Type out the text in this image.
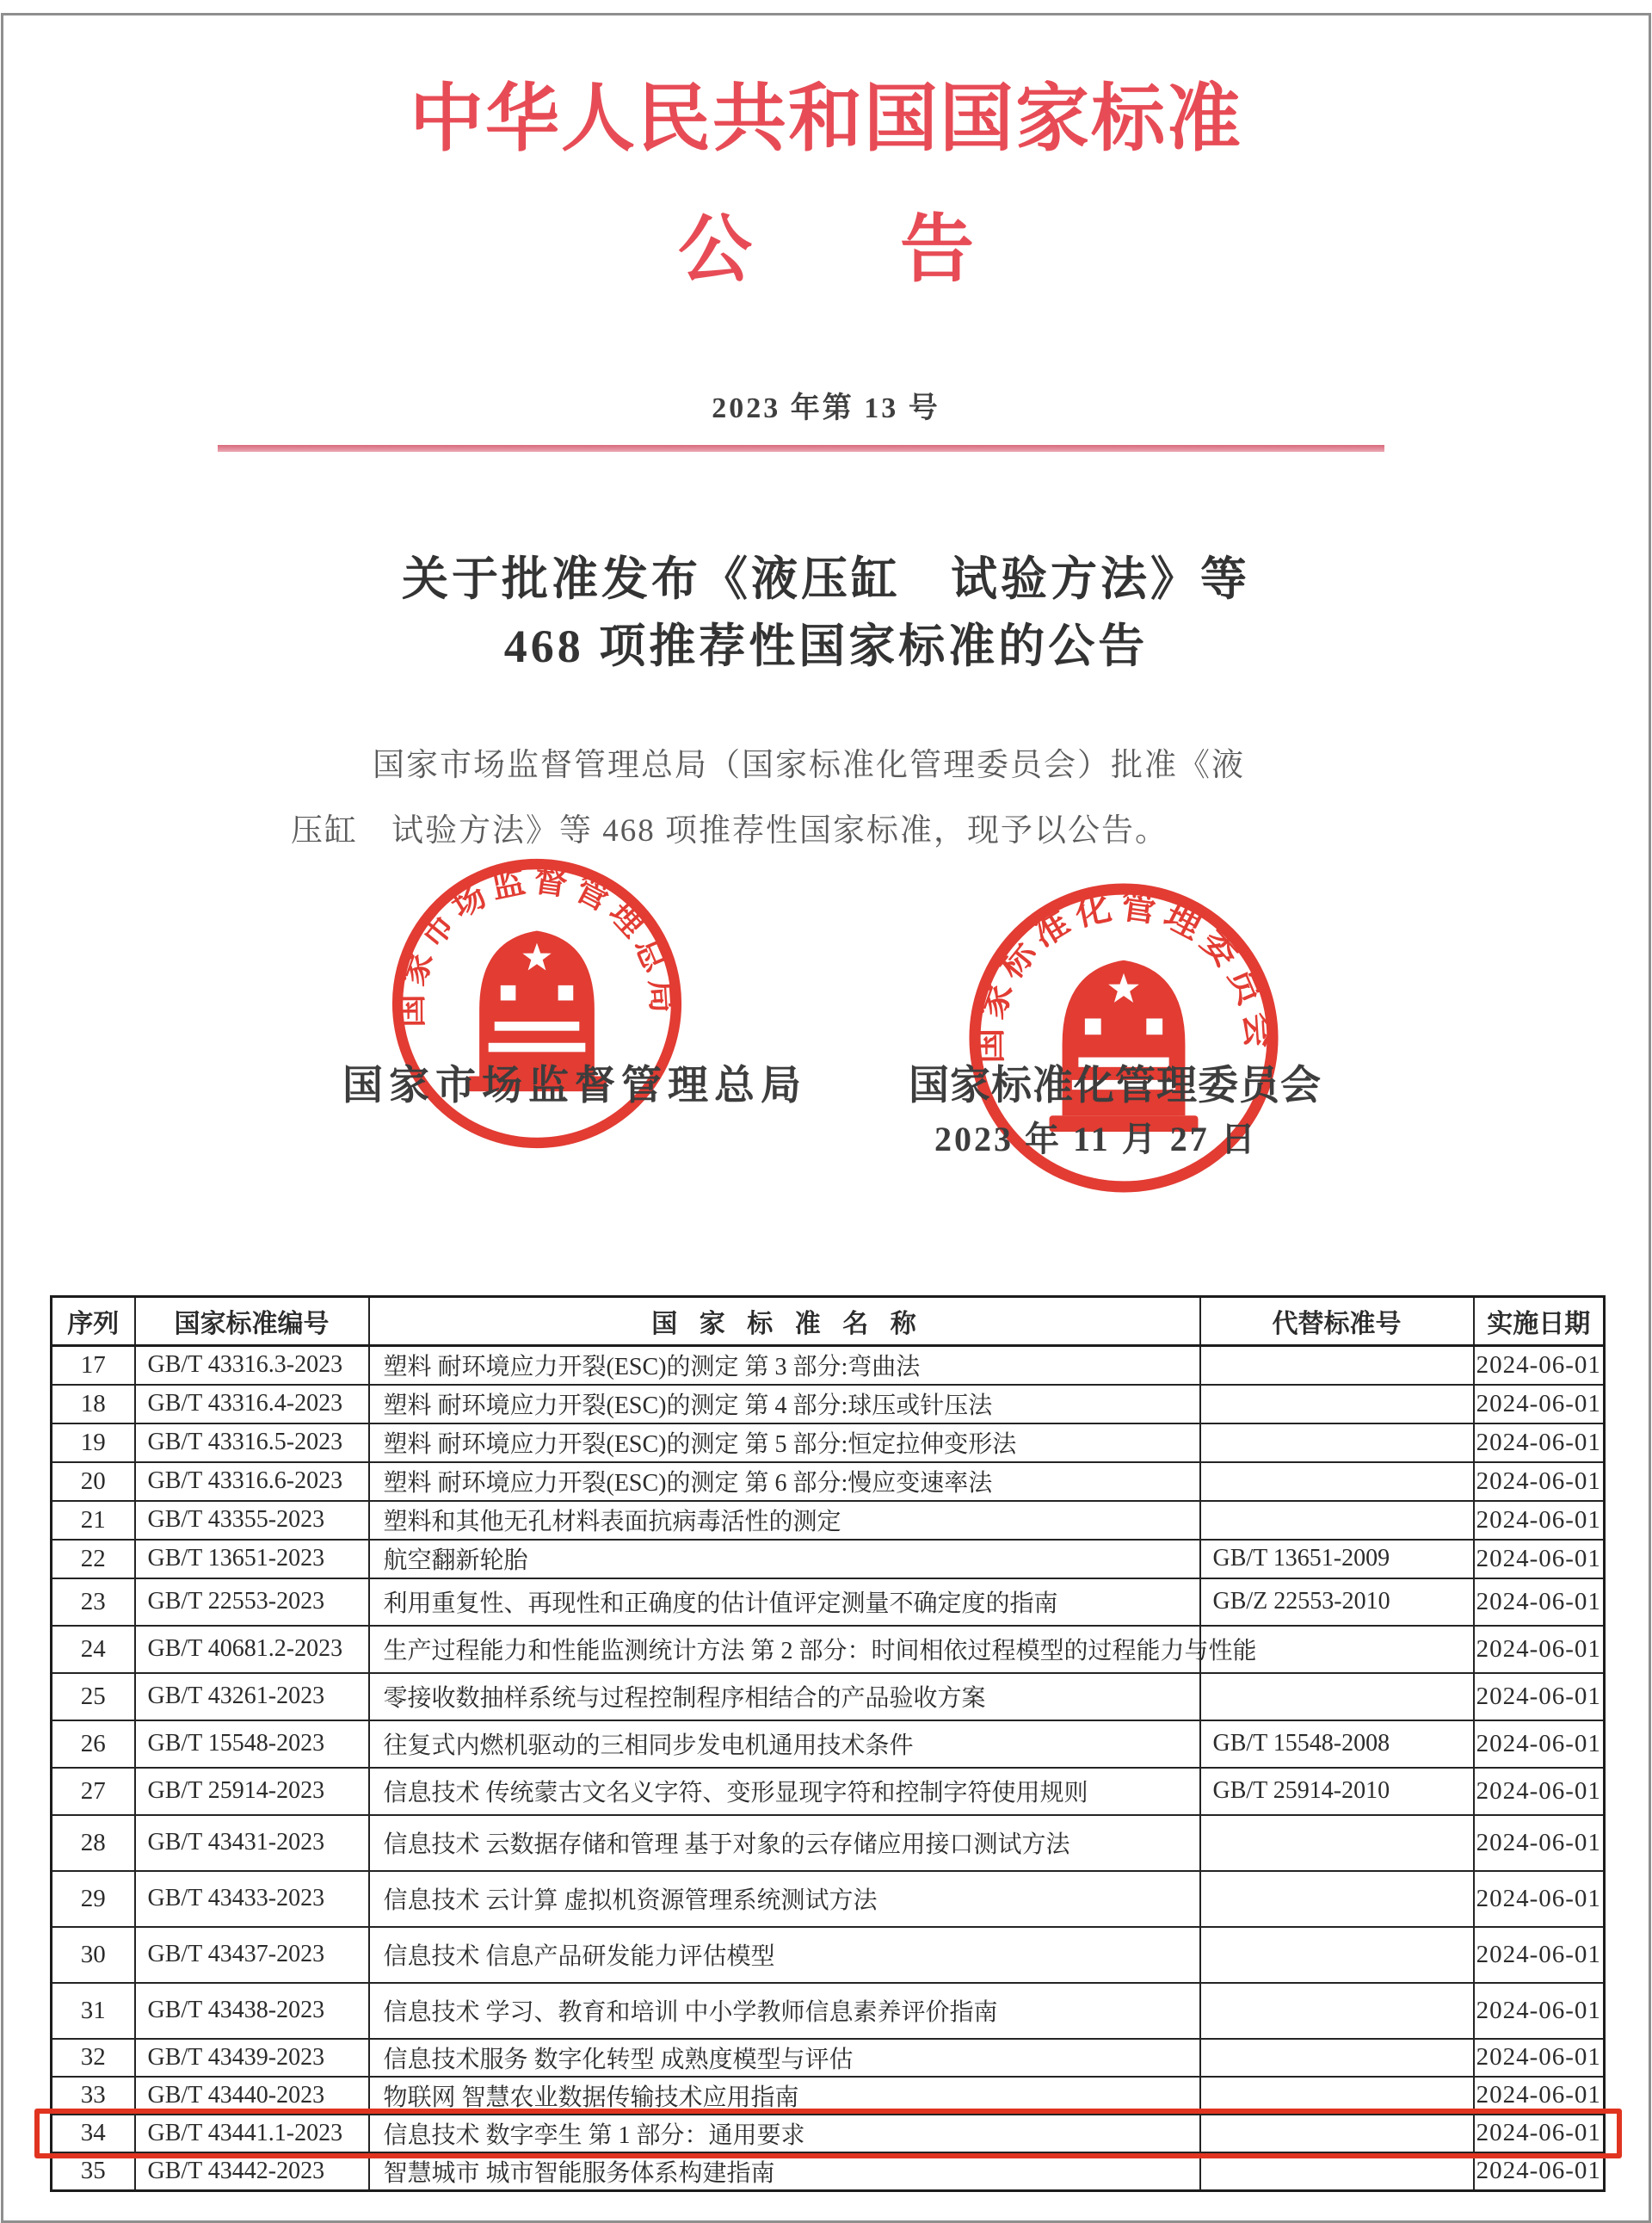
中华人民共和国国家标准
公　　告
2023 年第 13 号
关于批准发布《液压缸　试验方法》等
468 项推荐性国家标准的公告
国家市场监督管理总局（国家标准化管理委员会）批准《液
压缸　试验方法》等 468 项推荐性国家标准，现予以公告。
国家市场监督管理总局
国家标准化管理委员会
国家市场监督管理总局	国家标准化管理委员会
2023 年 11 月 27 日
序列	国家标准编号	国家标准名称	代替标准号	实施日期
17	GB/T 43316.3-2023	塑料 耐环境应力开裂(ESC)的测定 第 3 部分:弯曲法		2024-06-01
18	GB/T 43316.4-2023	塑料 耐环境应力开裂(ESC)的测定 第 4 部分:球压或针压法		2024-06-01
19	GB/T 43316.5-2023	塑料 耐环境应力开裂(ESC)的测定 第 5 部分:恒定拉伸变形法		2024-06-01
20	GB/T 43316.6-2023	塑料 耐环境应力开裂(ESC)的测定 第 6 部分:慢应变速率法		2024-06-01
21	GB/T 43355-2023	塑料和其他无孔材料表面抗病毒活性的测定		2024-06-01
22	GB/T 13651-2023	航空翻新轮胎	GB/T 13651-2009	2024-06-01
23	GB/T 22553-2023	利用重复性、再现性和正确度的估计值评定测量不确定度的指南	GB/Z 22553-2010	2024-06-01
24	GB/T 40681.2-2023	生产过程能力和性能监测统计方法 第 2 部分：时间相依过程模型的过程能力与性能		2024-06-01
25	GB/T 43261-2023	零接收数抽样系统与过程控制程序相结合的产品验收方案		2024-06-01
26	GB/T 15548-2023	往复式内燃机驱动的三相同步发电机通用技术条件	GB/T 15548-2008	2024-06-01
27	GB/T 25914-2023	信息技术 传统蒙古文名义字符、变形显现字符和控制字符使用规则	GB/T 25914-2010	2024-06-01
28	GB/T 43431-2023	信息技术 云数据存储和管理 基于对象的云存储应用接口测试方法		2024-06-01
29	GB/T 43433-2023	信息技术 云计算 虚拟机资源管理系统测试方法		2024-06-01
30	GB/T 43437-2023	信息技术 信息产品研发能力评估模型		2024-06-01
31	GB/T 43438-2023	信息技术 学习、教育和培训 中小学教师信息素养评价指南		2024-06-01
32	GB/T 43439-2023	信息技术服务 数字化转型 成熟度模型与评估		2024-06-01
33	GB/T 43440-2023	物联网 智慧农业数据传输技术应用指南		2024-06-01
34	GB/T 43441.1-2023	信息技术 数字孪生 第 1 部分：通用要求		2024-06-01
35	GB/T 43442-2023	智慧城市 城市智能服务体系构建指南		2024-06-01
